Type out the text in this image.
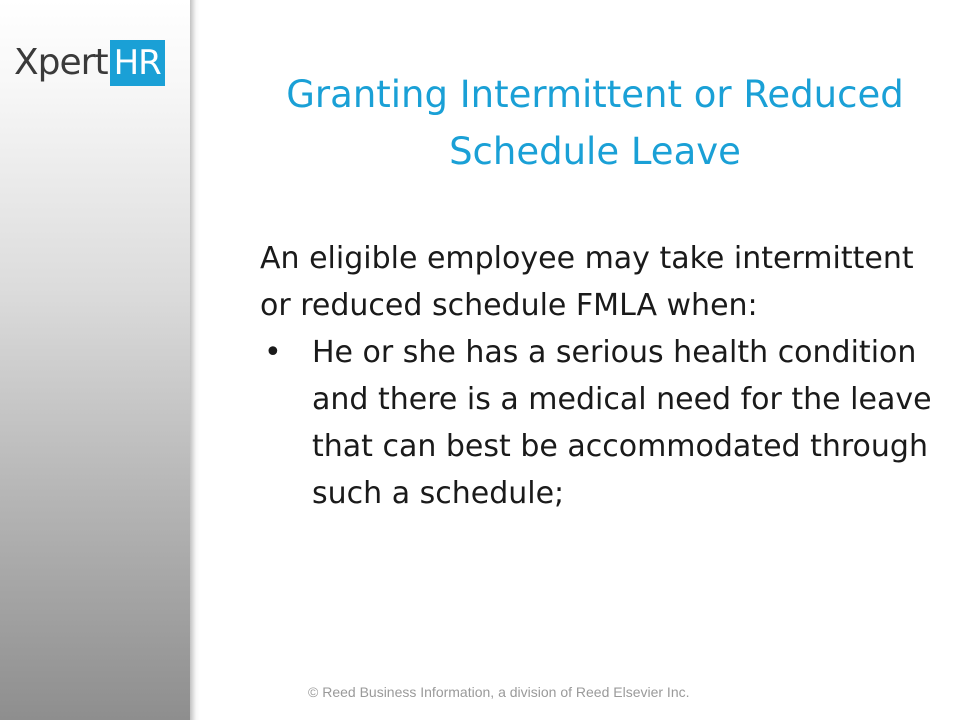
Xpert HR
Granting Intermittent or Reduced
Schedule Leave

An eligible employee may take intermittent or reduced schedule FMLA when:

• He or she has a serious health condition and there is a medical need for the leave that can best be accommodated through such a schedule;
© Reed Business Information, a division of Reed Elsevier Inc.
